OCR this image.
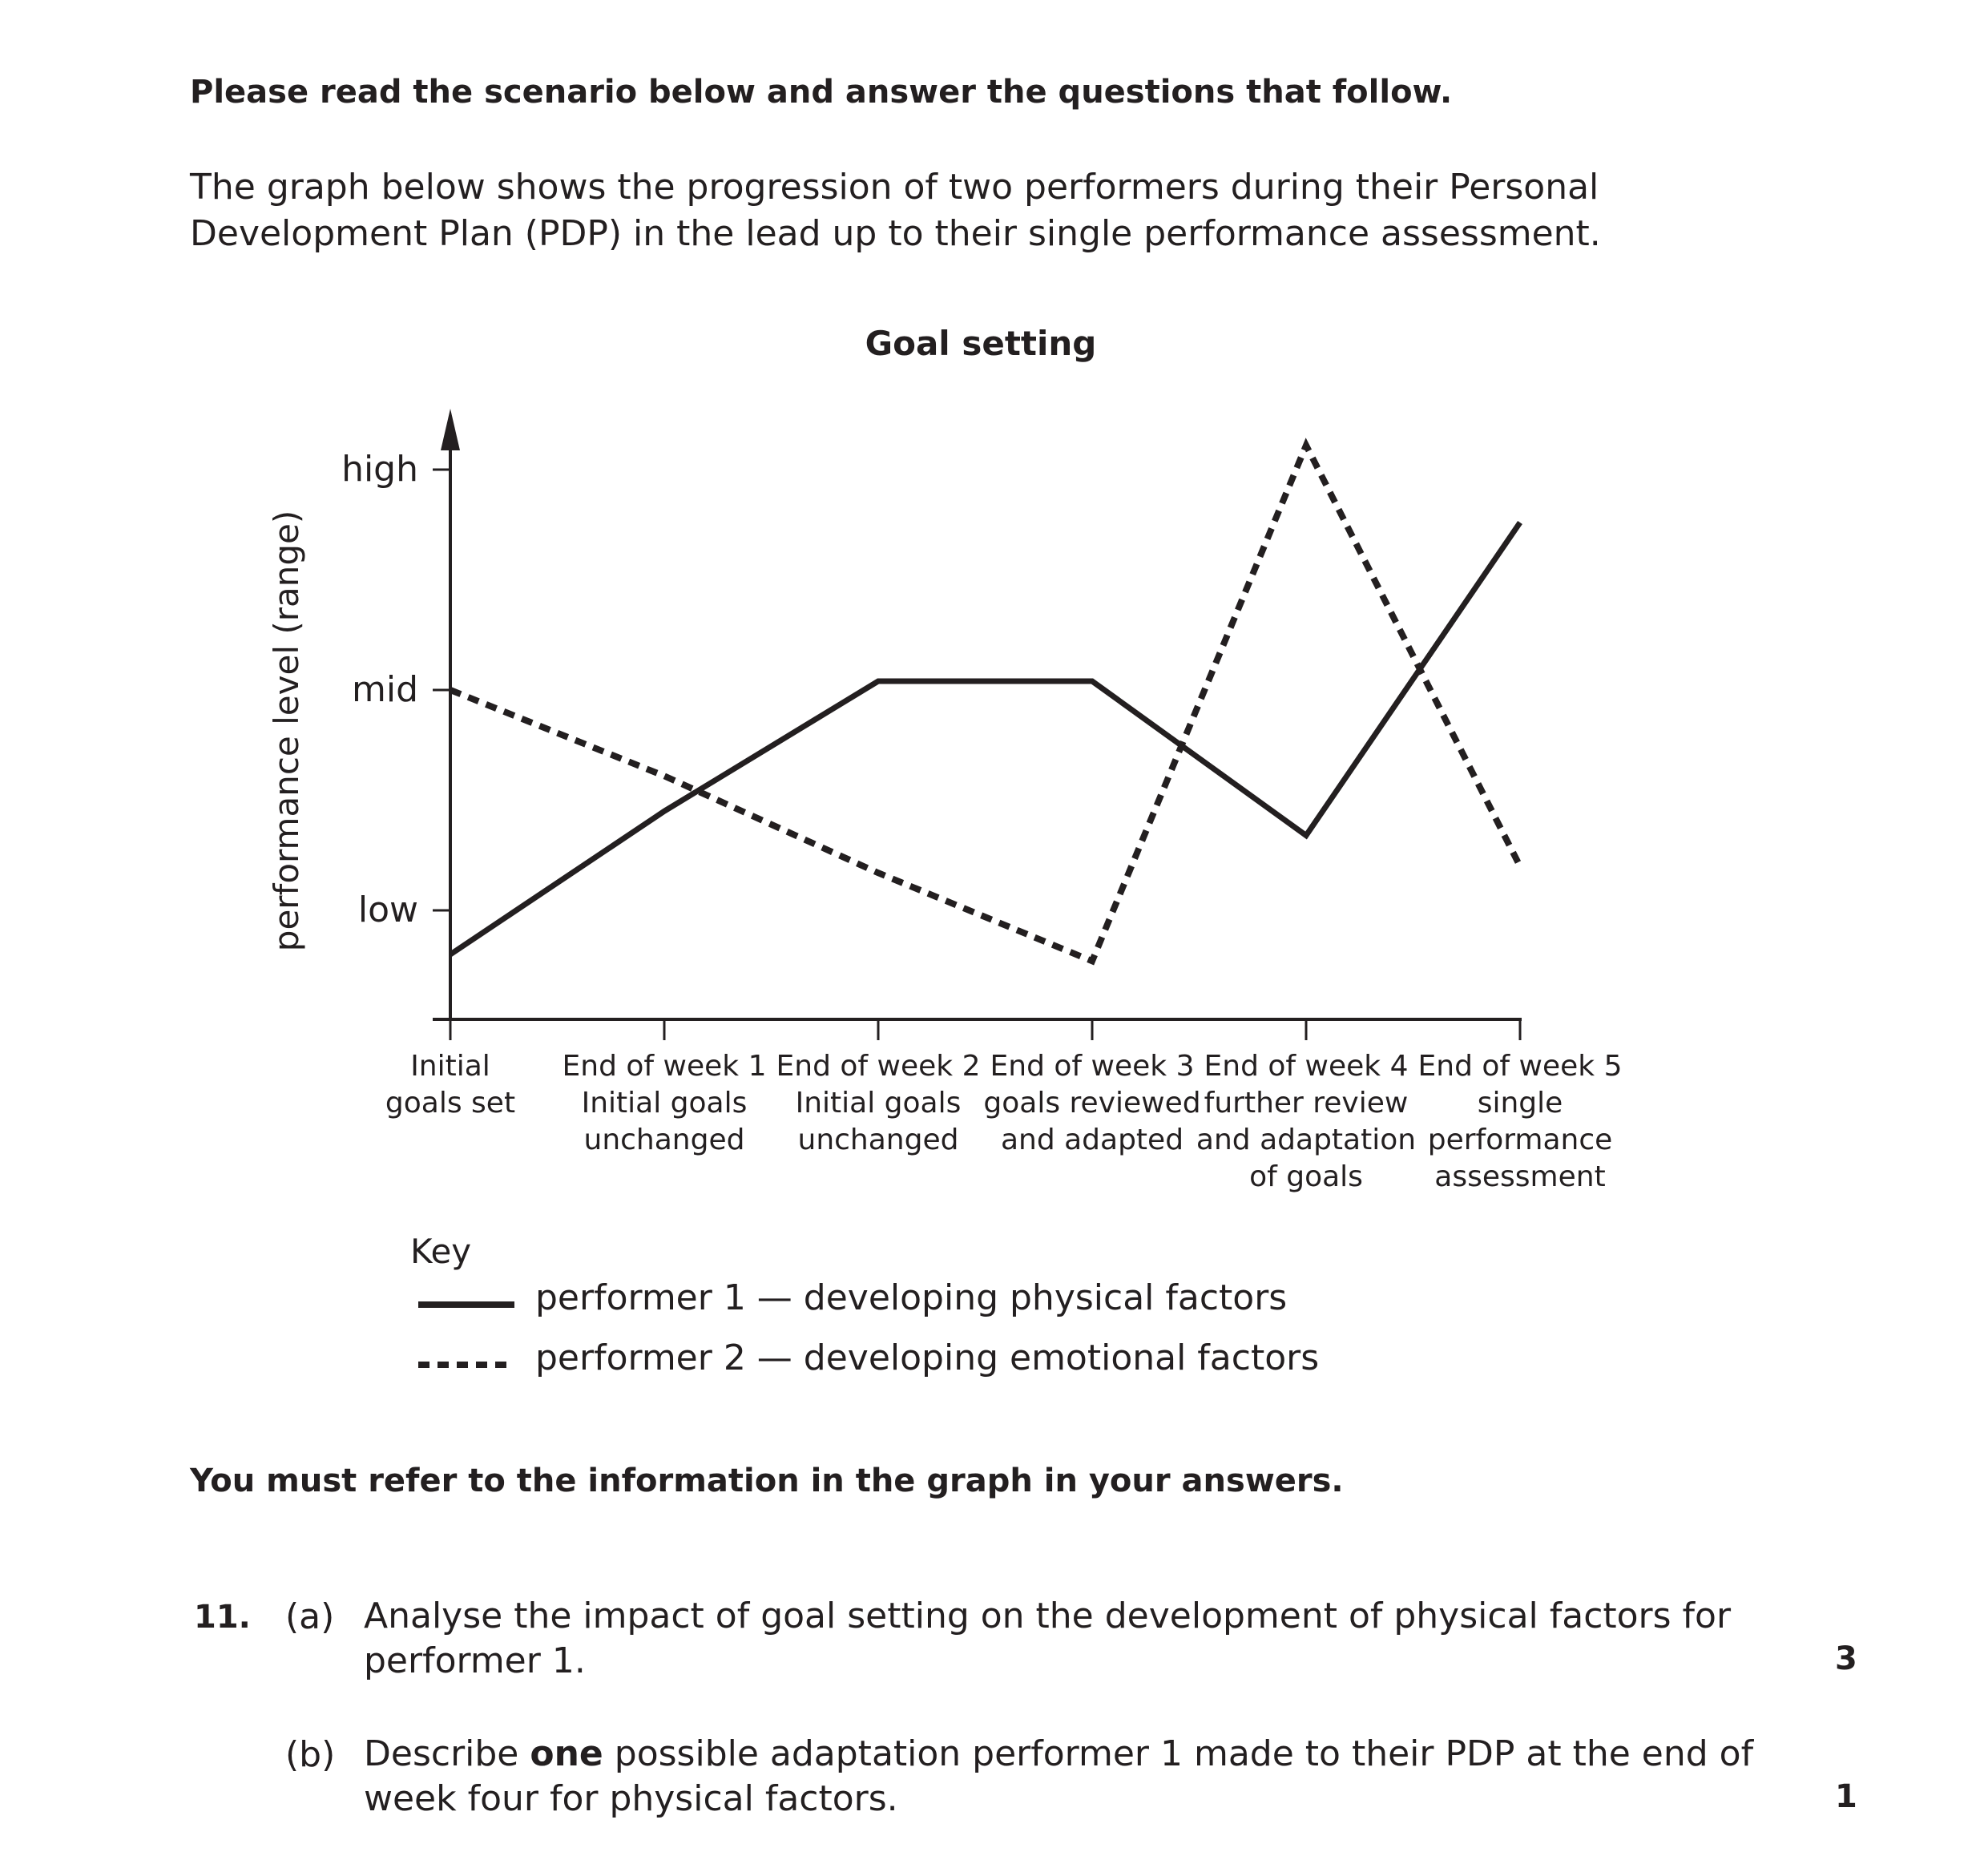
Please read the scenario below and answer the questions that follow.

The graph below shows the progression of two performers during their Personal
Development Plan (PDP) in the lead up to their single performance assessment.
Goal setting
performance level (range) low
mid
high
Initial goals set
End of week 1 Initial goals unchanged
End of week 2 Initial goals unchanged
End of week 3 goals reviewed and adapted
End of week 4 further review and adaptation of goals
End of week 5 single performance assessment
Key
performer 1 — developing physical factors
performer 2 — developing emotional factors

You must refer to the information in the graph in your answers.

11. (a) Analyse the impact of goal setting on the development of physical factors for
performer 1.	3
(b) Describe one possible adaptation performer 1 made to their PDP at the end of
week four for physical factors.	1
